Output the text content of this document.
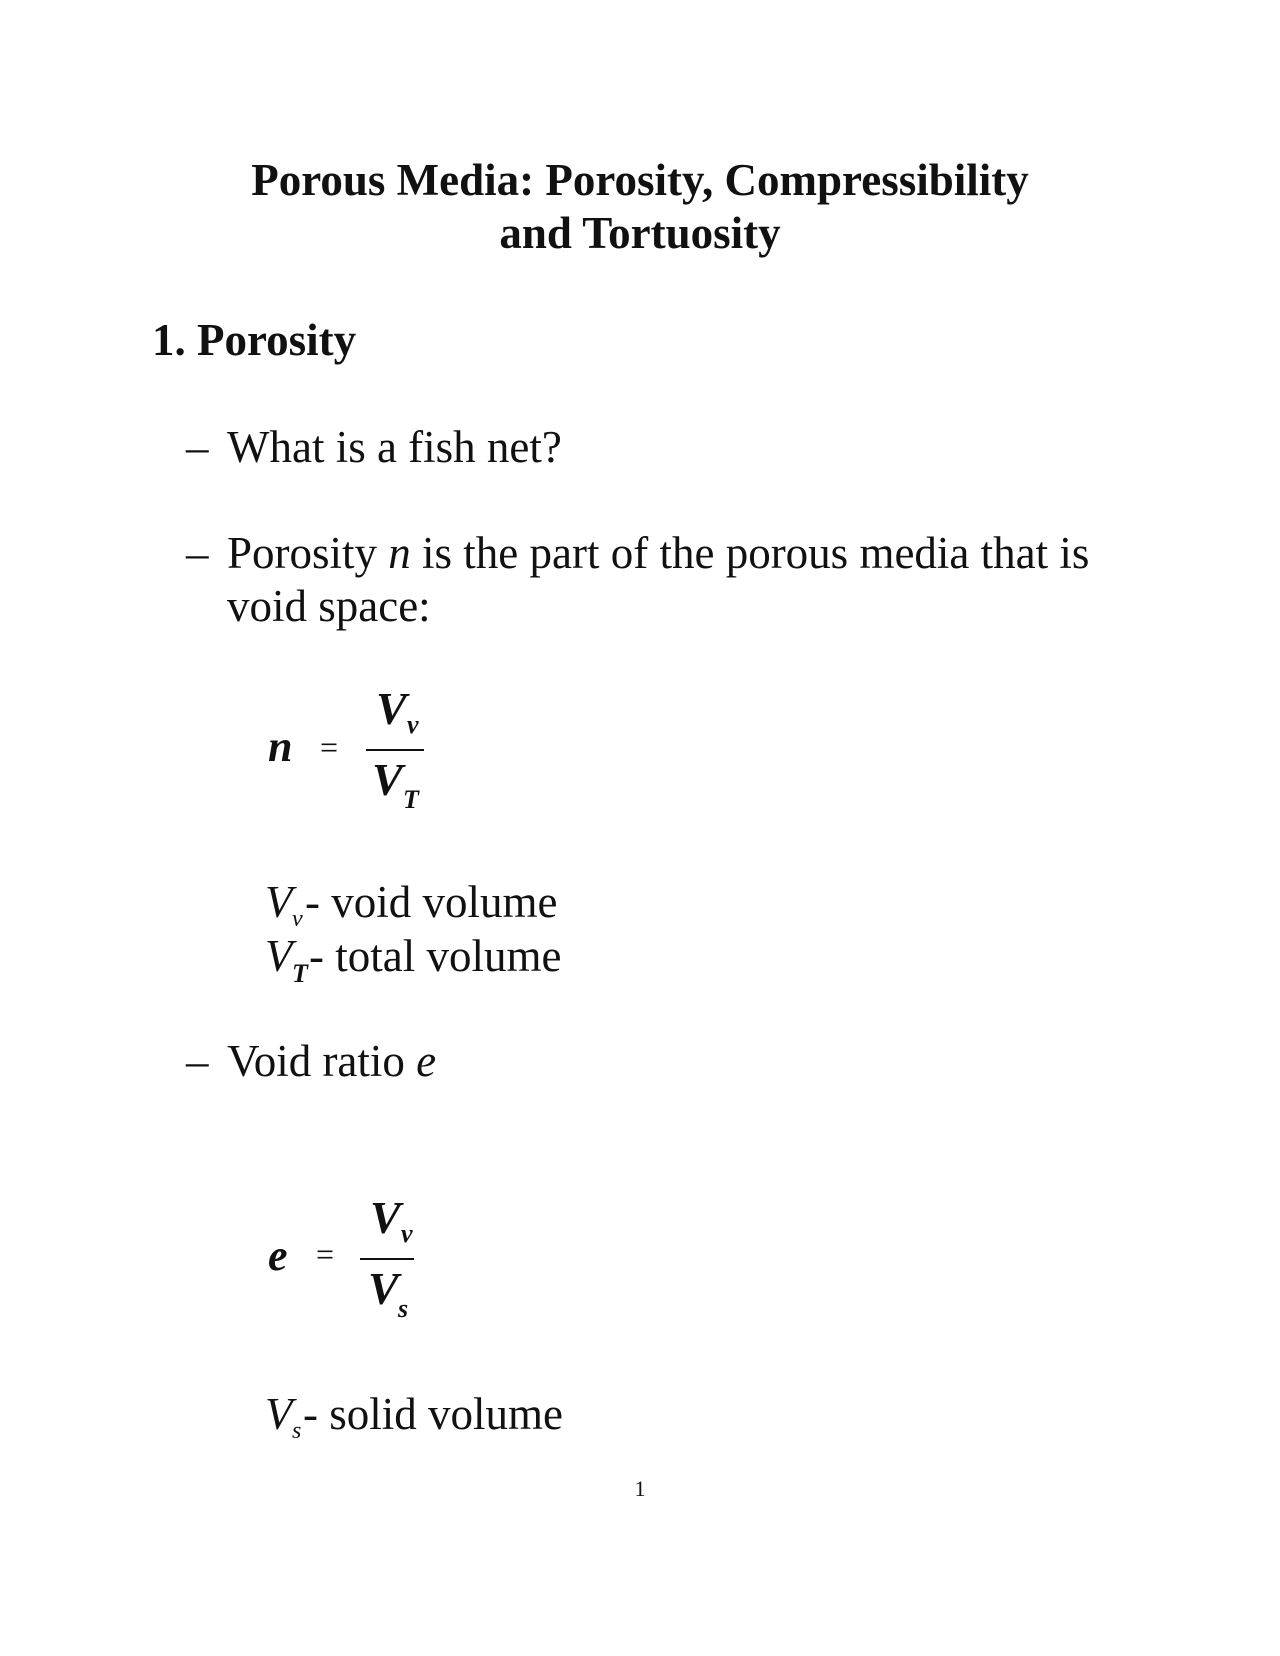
Porous Media: Porosity, Compressibility
and Tortuosity
1. Porosity
– What is a fish net?
– Porosity n is the part of the porous media that is
void space:
n =
V v
V T
V v - void volume
V T - total volume
– Void ratio e
e =
V v
V s
V s - solid volume
1
